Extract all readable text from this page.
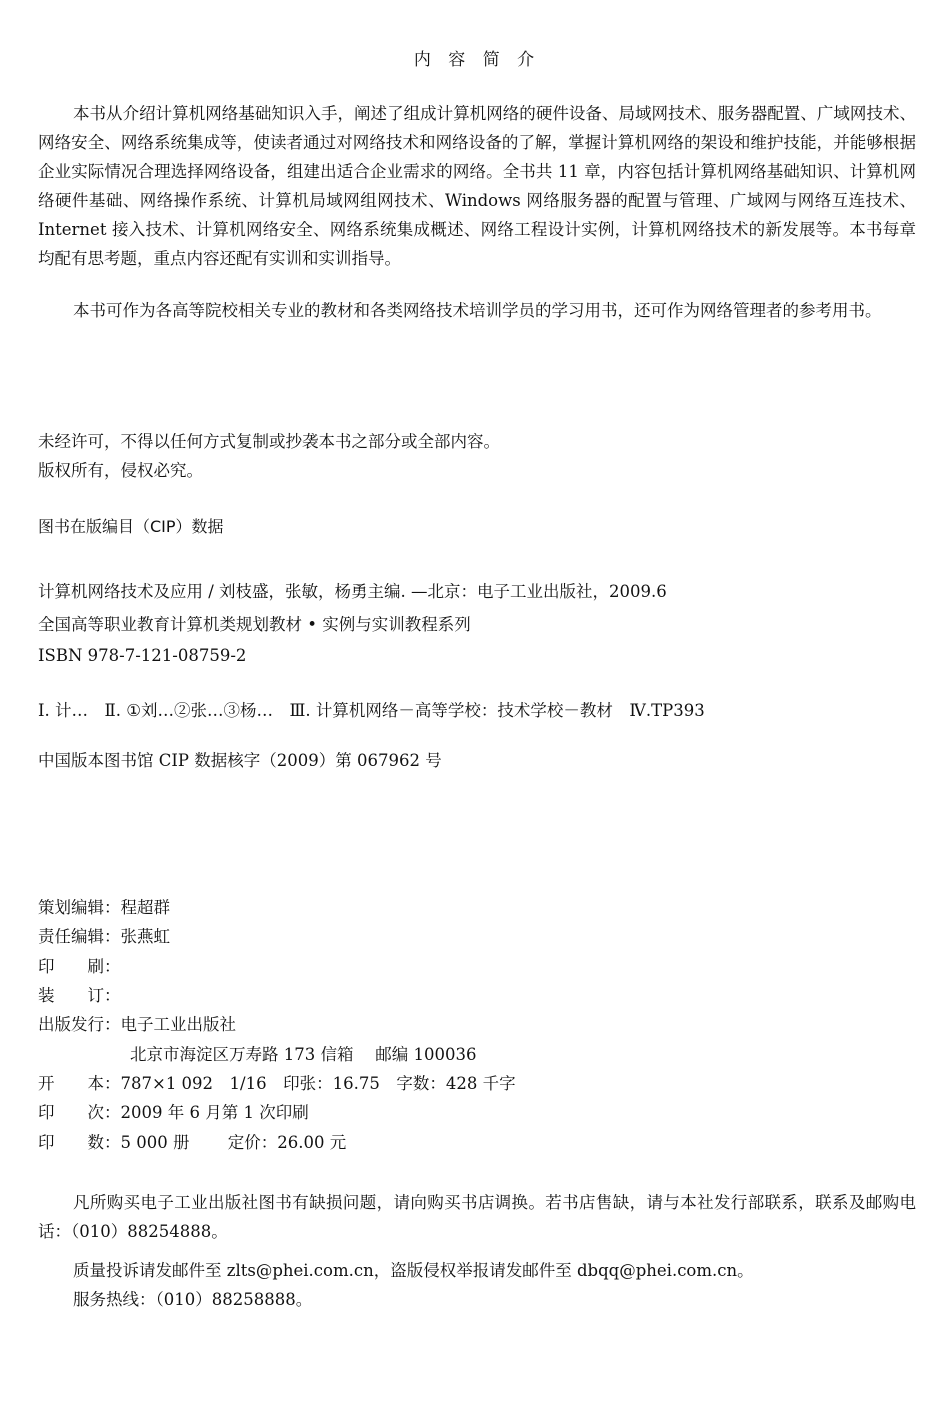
内 容 简 介
本书从介绍计算机网络基础知识入手，阐述了组成计算机网络的硬件设备、局域网技术、服务器配置、广域网技术、网络安全、网络系统集成等，使读者通过对网络技术和网络设备的了解，掌握计算机网络的架设和维护技能，并能够根据企业实际情况合理选择网络设备，组建出适合企业需求的网络。全书共 11 章，内容包括计算机网络基础知识、计算机网络硬件基础、网络操作系统、计算机局域网组网技术、Windows 网络服务器的配置与管理、广域网与网络互连技术、Internet 接入技术、计算机网络安全、网络系统集成概述、网络工程设计实例，计算机网络技术的新发展等。本书每章均配有思考题，重点内容还配有实训和实训指导。
本书可作为各高等院校相关专业的教材和各类网络技术培训学员的学习用书，还可作为网络管理者的参考用书。
未经许可，不得以任何方式复制或抄袭本书之部分或全部内容。
版权所有，侵权必究。
图书在版编目（CIP）数据
计算机网络技术及应用 / 刘枝盛，张敏，杨勇主编. —北京：电子工业出版社，2009.6
全国高等职业教育计算机类规划教材 • 实例与实训教程系列
ISBN 978-7-121-08759-2
Ⅰ. 计…　Ⅱ. ①刘…②张…③杨…　Ⅲ. 计算机网络－高等学校：技术学校－教材　Ⅳ.TP393
中国版本图书馆 CIP 数据核字（2009）第 067962 号
策划编辑：程超群
责任编辑：张燕虹
印　　刷：
装　　订：
出版发行：电子工业出版社
北京市海淀区万寿路 173 信箱　 邮编 100036
开　　本：787×1 092　1/16　印张：16.75　字数：428 千字
印　　次：2009 年 6 月第 1 次印刷
印　　数：5 000 册　　 定价：26.00 元
凡所购买电子工业出版社图书有缺损问题，请向购买书店调换。若书店售缺，请与本社发行部联系，联系及邮购电话：（010）88254888。
质量投诉请发邮件至 zlts@phei.com.cn，盗版侵权举报请发邮件至 dbqq@phei.com.cn。
服务热线：（010）88258888。
